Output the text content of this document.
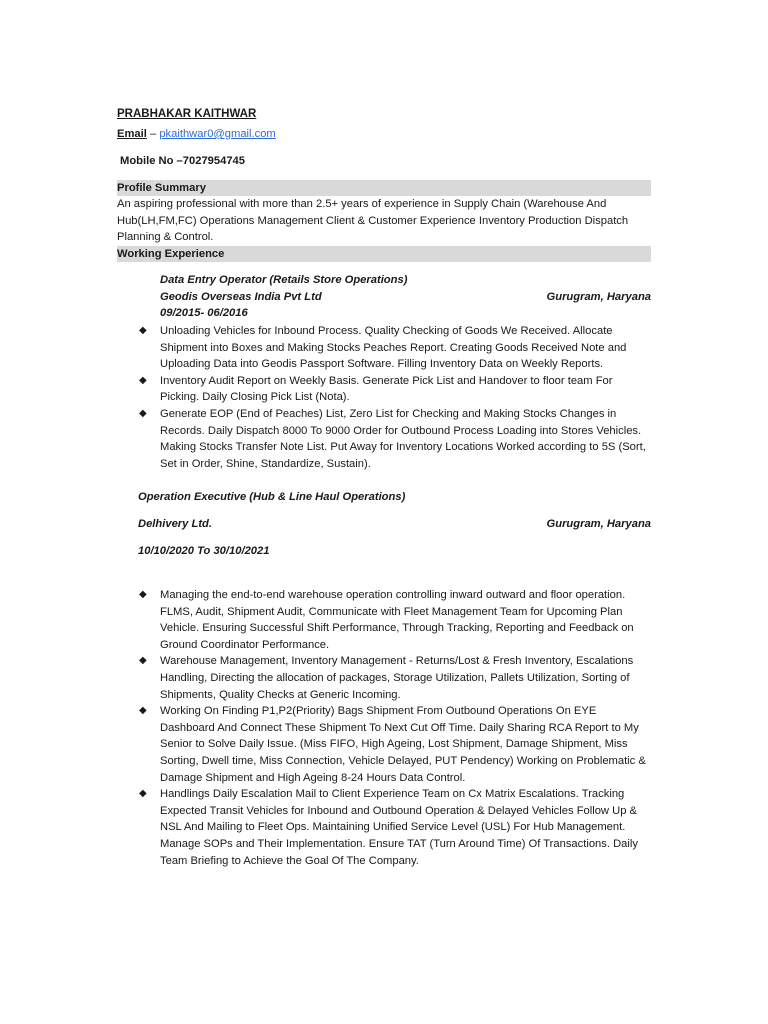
PRABHAKAR KAITHWAR
Email – pkaithwar0@gmail.com
Mobile No –7027954745
Profile Summary
An aspiring professional with more than 2.5+ years of experience in Supply Chain (Warehouse And Hub(LH,FM,FC) Operations Management Client & Customer Experience Inventory Production Dispatch Planning & Control.
Working Experience
Data Entry Operator (Retails Store Operations)
Geodis Overseas India Pvt Ltd	Gurugram, Haryana
09/2015- 06/2016
◆ Unloading Vehicles for Inbound Process. Quality Checking of Goods We Received. Allocate Shipment into Boxes and Making Stocks Peaches Report. Creating Goods Received Note and Uploading Data into Geodis Passport Software. Filling Inventory Data on Weekly Reports.
◆ Inventory Audit Report on Weekly Basis. Generate Pick List and Handover to floor team For Picking. Daily Closing Pick List (Nota).
◆ Generate EOP (End of Peaches) List, Zero List for Checking and Making Stocks Changes in Records. Daily Dispatch 8000 To 9000 Order for Outbound Process Loading into Stores Vehicles. Making Stocks Transfer Note List. Put Away for Inventory Locations Worked according to 5S (Sort, Set in Order, Shine, Standardize, Sustain).
Operation Executive (Hub & Line Haul Operations)
Delhivery Ltd.	Gurugram, Haryana
10/10/2020 To 30/10/2021
◆ Managing the end-to-end warehouse operation controlling inward outward and floor operation. FLMS, Audit, Shipment Audit, Communicate with Fleet Management Team for Upcoming Plan Vehicle. Ensuring Successful Shift Performance, Through Tracking, Reporting and Feedback on Ground Coordinator Performance.
◆ Warehouse Management, Inventory Management - Returns/Lost & Fresh Inventory, Escalations Handling, Directing the allocation of packages, Storage Utilization, Pallets Utilization, Sorting of Shipments, Quality Checks at Generic Incoming.
◆ Working On Finding P1,P2(Priority) Bags Shipment From Outbound Operations On EYE Dashboard And Connect These Shipment To Next Cut Off Time. Daily Sharing RCA Report to My Senior to Solve Daily Issue. (Miss FIFO, High Ageing, Lost Shipment, Damage Shipment, Miss Sorting, Dwell time, Miss Connection, Vehicle Delayed, PUT Pendency) Working on Problematic & Damage Shipment and High Ageing 8-24 Hours Data Control.
◆ Handlings Daily Escalation Mail to Client Experience Team on Cx Matrix Escalations. Tracking Expected Transit Vehicles for Inbound and Outbound Operation & Delayed Vehicles Follow Up & NSL And Mailing to Fleet Ops. Maintaining Unified Service Level (USL) For Hub Management. Manage SOPs and Their Implementation. Ensure TAT (Turn Around Time) Of Transactions. Daily Team Briefing to Achieve the Goal Of The Company.
